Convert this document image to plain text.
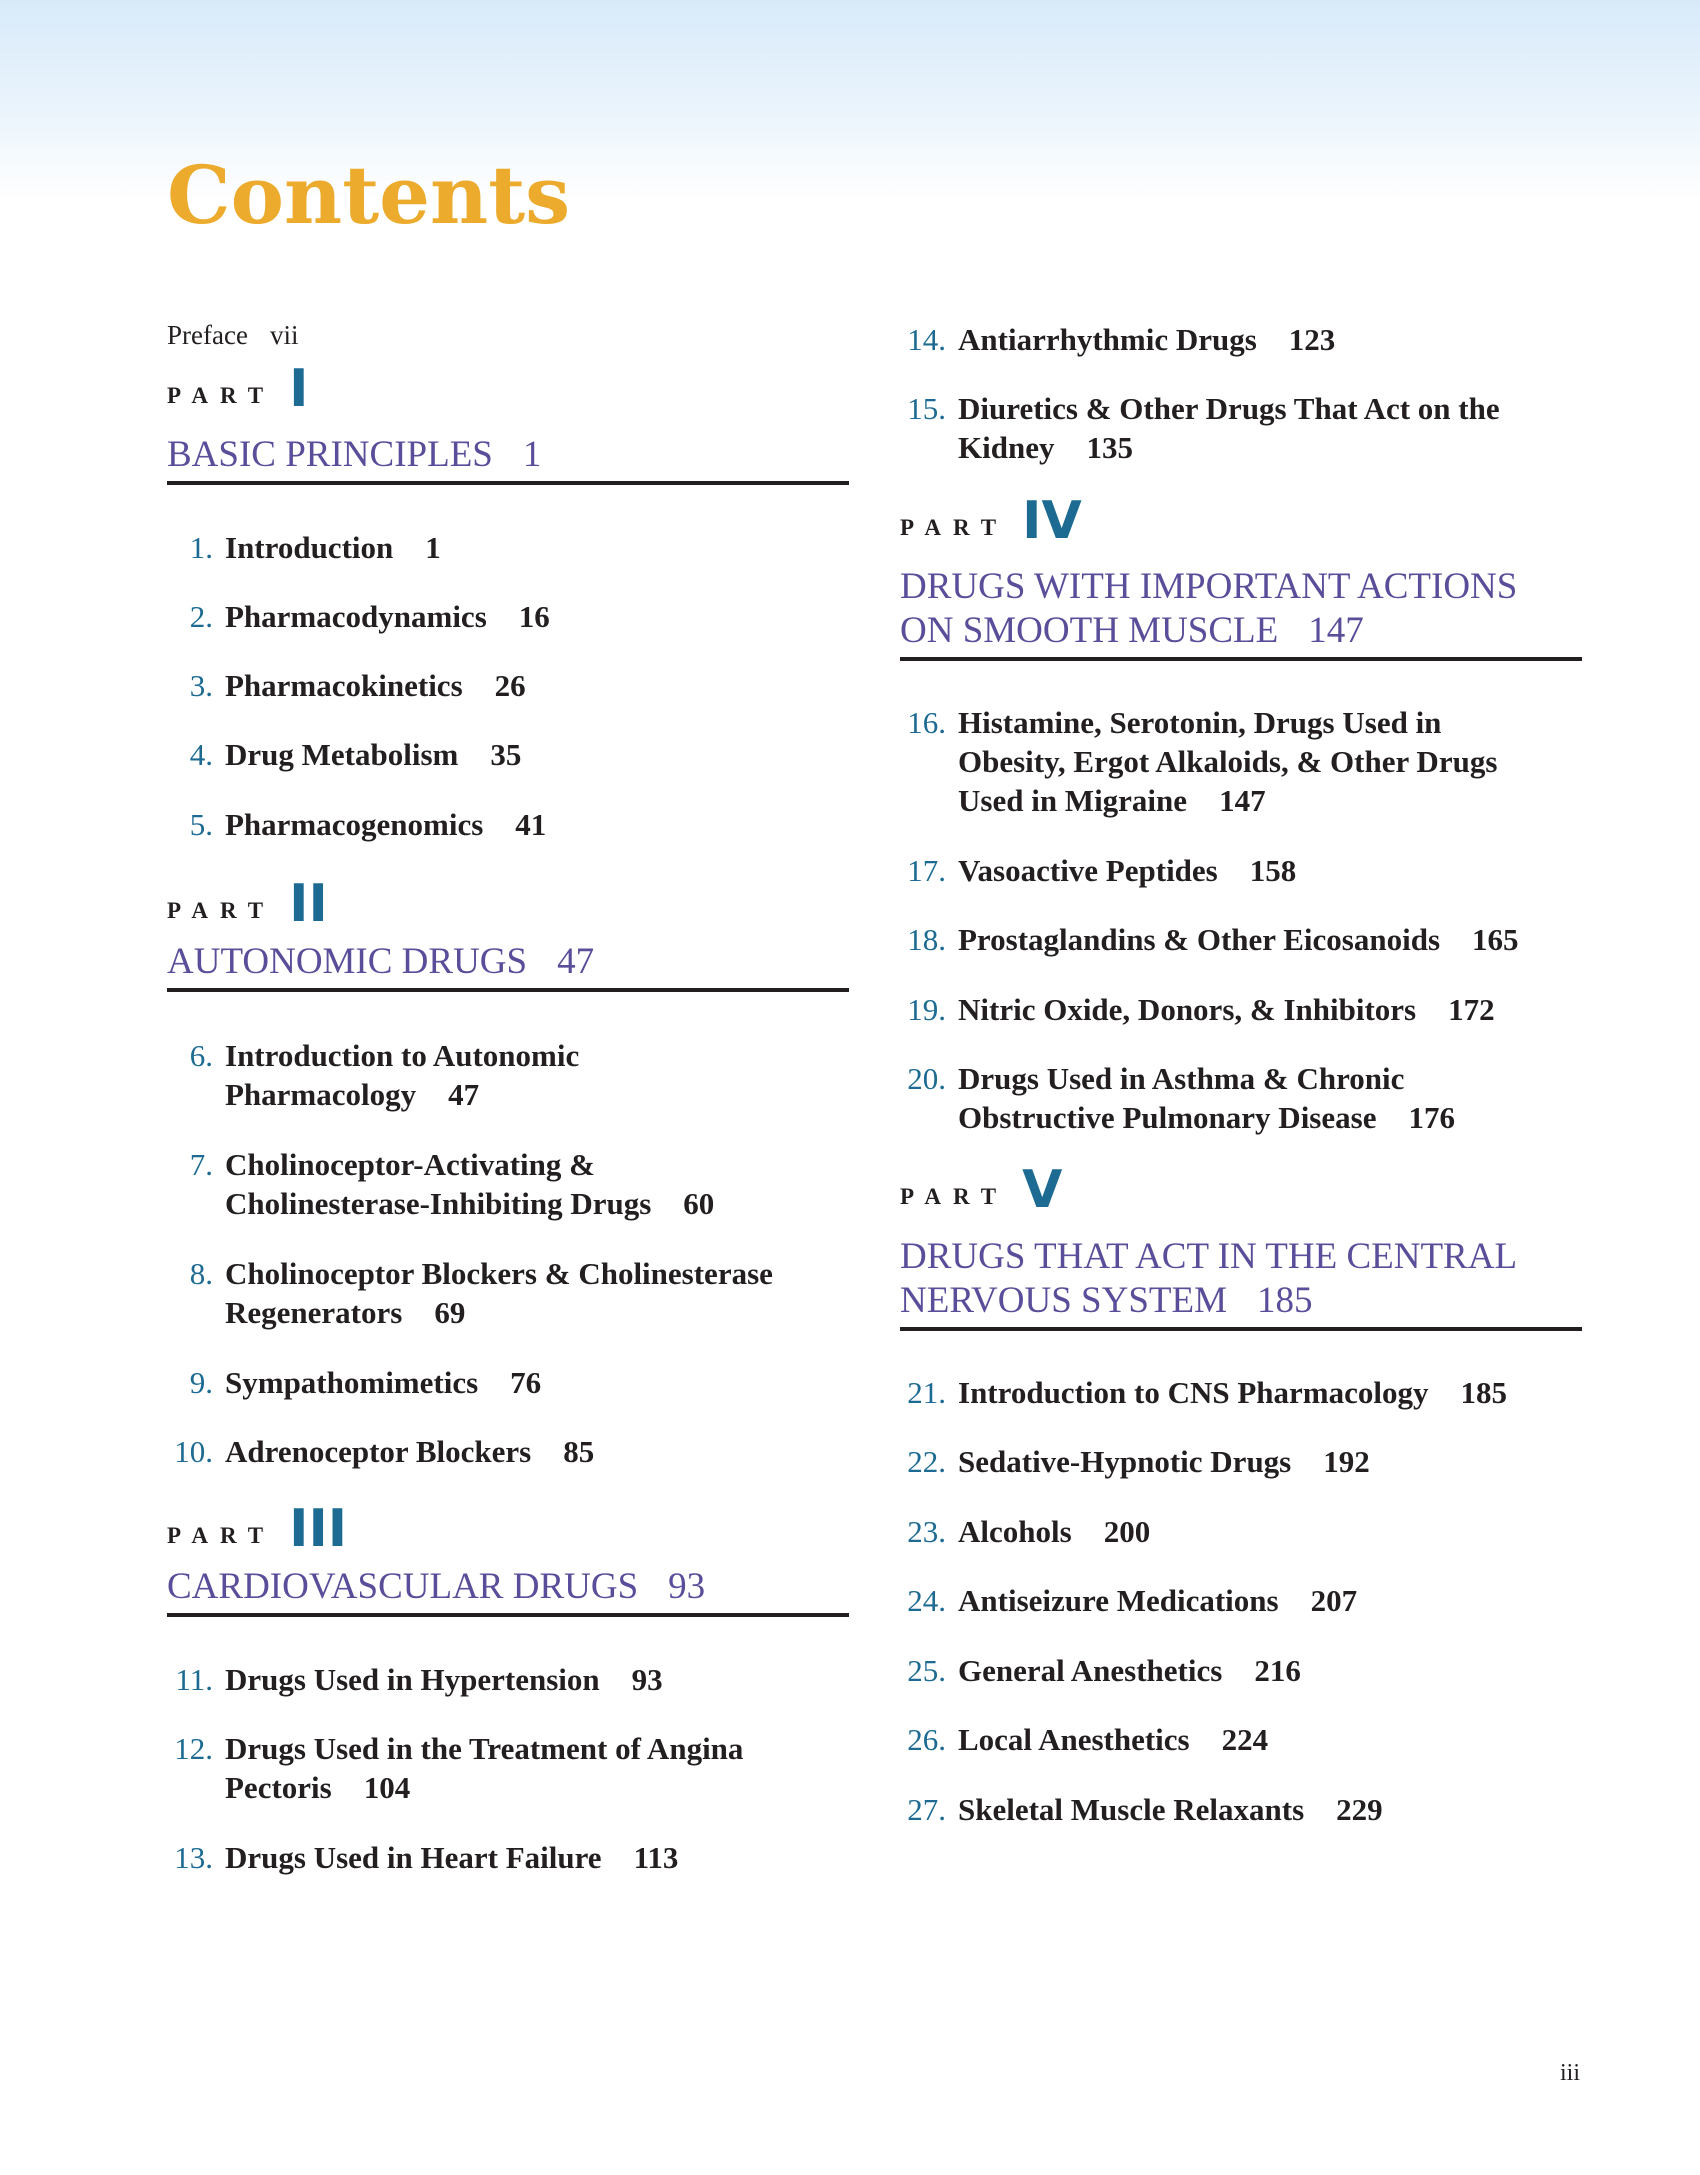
Contents
Preface vii
PART I
BASIC PRINCIPLES 1
1. Introduction 1
2. Pharmacodynamics 16
3. Pharmacokinetics 26
4. Drug Metabolism 35
5. Pharmacogenomics 41
PART II
AUTONOMIC DRUGS 47
6. Introduction to Autonomic
Pharmacology 47
7. Cholinoceptor-Activating &
Cholinesterase-Inhibiting Drugs 60
8. Cholinoceptor Blockers & Cholinesterase
Regenerators 69
9. Sympathomimetics 76
10. Adrenoceptor Blockers 85
PART III
CARDIOVASCULAR DRUGS 93
11. Drugs Used in Hypertension 93
12. Drugs Used in the Treatment of Angina
Pectoris 104
13. Drugs Used in Heart Failure 113
14. Antiarrhythmic Drugs 123
15. Diuretics & Other Drugs That Act on the
Kidney 135
PART IV
DRUGS WITH IMPORTANT ACTIONS
ON SMOOTH MUSCLE 147
16. Histamine, Serotonin, Drugs Used in
Obesity, Ergot Alkaloids, & Other Drugs
Used in Migraine 147
17. Vasoactive Peptides 158
18. Prostaglandins & Other Eicosanoids 165
19. Nitric Oxide, Donors, & Inhibitors 172
20. Drugs Used in Asthma & Chronic
Obstructive Pulmonary Disease 176
PART V
DRUGS THAT ACT IN THE CENTRAL
NERVOUS SYSTEM 185
21. Introduction to CNS Pharmacology 185
22. Sedative-Hypnotic Drugs 192
23. Alcohols 200
24. Antiseizure Medications 207
25. General Anesthetics 216
26. Local Anesthetics 224
27. Skeletal Muscle Relaxants 229
iii
